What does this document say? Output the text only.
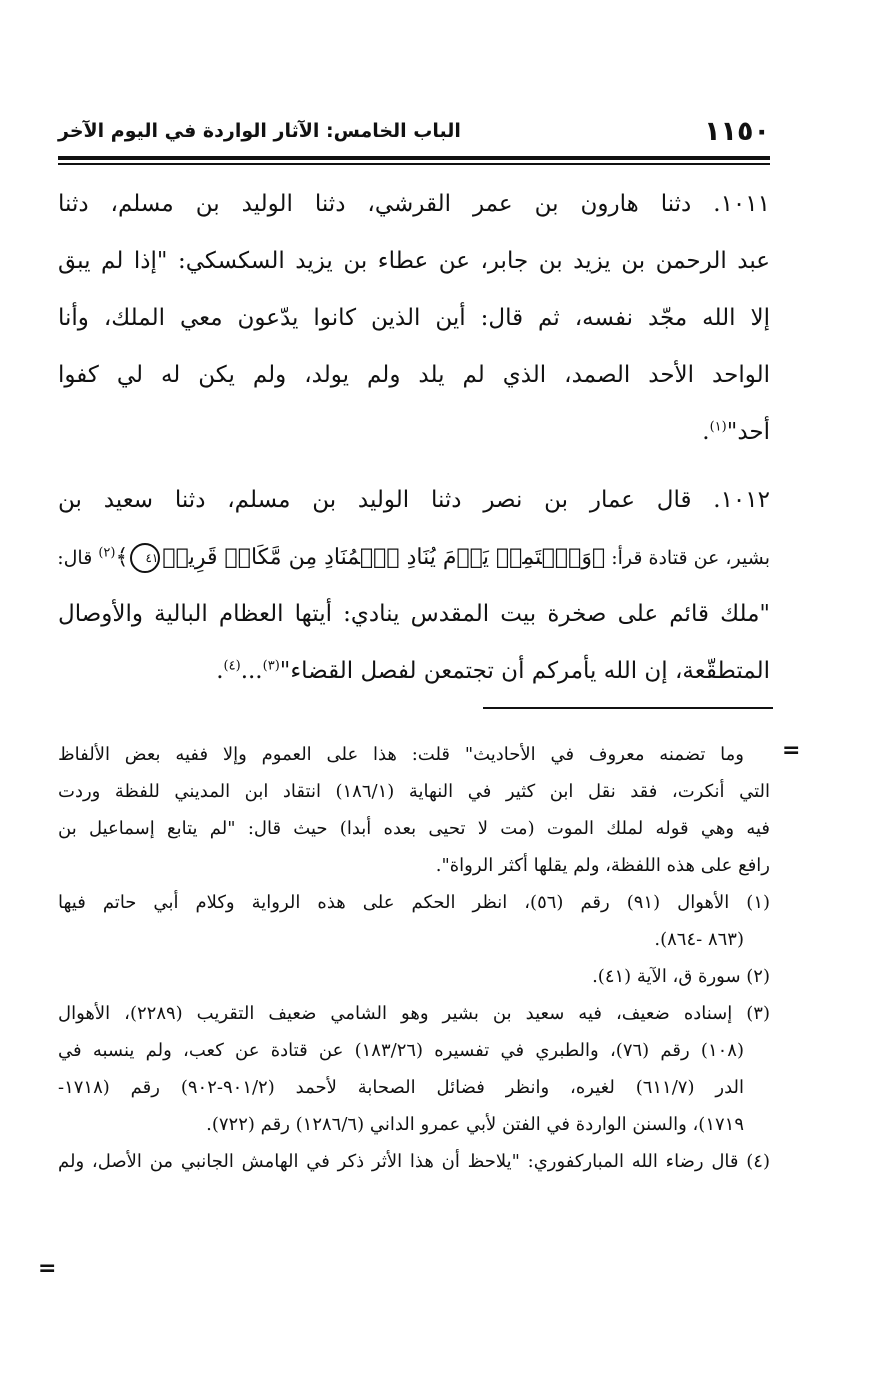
١١٥٠
الباب الخامس: الآثار الواردة في اليوم الآخر
١٠١١. دثنا هارون بن عمر القرشي، دثنا الوليد بن مسلم، دثنا
عبد الرحمن بن يزيد بن جابر، عن عطاء بن يزيد السكسكي: "إذا لم يبق
إلا الله مجّد نفسه، ثم قال: أين الذين كانوا يدّعون معي الملك، وأنا
الواحد الأحد الصمد، الذي لم يلد ولم يولد، ولم يكن له لي كفوا
أحد"$^{(١)}$.
١٠١٢. قال عمار بن نصر دثنا الوليد بن مسلم، دثنا سعيد بن
بشير، عن قتادة قرأ: ﴿وَٱسۡتَمِعۡ يَوۡمَ يُنَادِ ٱلۡمُنَادِ مِن مَّكَانٖ قَرِيبٖ٤١﴾$^{(٢)}$ قال:
"ملك قائم على صخرة بيت المقدس ينادي: أيتها العظام البالية والأوصال
المتطقّعة، إن الله يأمركم أن تجتمعن لفصل القضاء"$^{(٣)}$...$^{(٤)}$.
=
وما تضمنه معروف في الأحاديث" قلت: هذا على العموم وإلا ففيه بعض الألفاظ
التي أنكرت، فقد نقل ابن كثير في النهاية (١٨٦/١) انتقاد ابن المديني للفظة وردت
فيه وهي قوله لملك الموت (مت لا تحيى بعده أبدا) حيث قال: "لم يتابع إسماعيل بن
رافع على هذه اللفظة، ولم يقلها أكثر الرواة".
(١) الأهوال (٩١) رقم (٥٦)، انظر الحكم على هذه الرواية وكلام أبي حاتم فيها
(٨٦٣ -٨٦٤).
(٢) سورة ق، الآية (٤١).
(٣) إسناده ضعيف، فيه سعيد بن بشير وهو الشامي ضعيف التقريب (٢٢٨٩)، الأهوال
(١٠٨) رقم (٧٦)، والطبري في تفسيره (١٨٣/٢٦) عن قتادة عن كعب، ولم ينسبه في
الدر (٦١١/٧) لغيره، وانظر فضائل الصحابة لأحمد (٩٠١/٢-٩٠٢) رقم (١٧١٨-
١٧١٩)، والسنن الواردة في الفتن لأبي عمرو الداني (١٢٨٦/٦) رقم (٧٢٢).
(٤) قال رضاء الله المباركفوري: "يلاحظ أن هذا الأثر ذكر في الهامش الجانبي من الأصل، ولم
=
